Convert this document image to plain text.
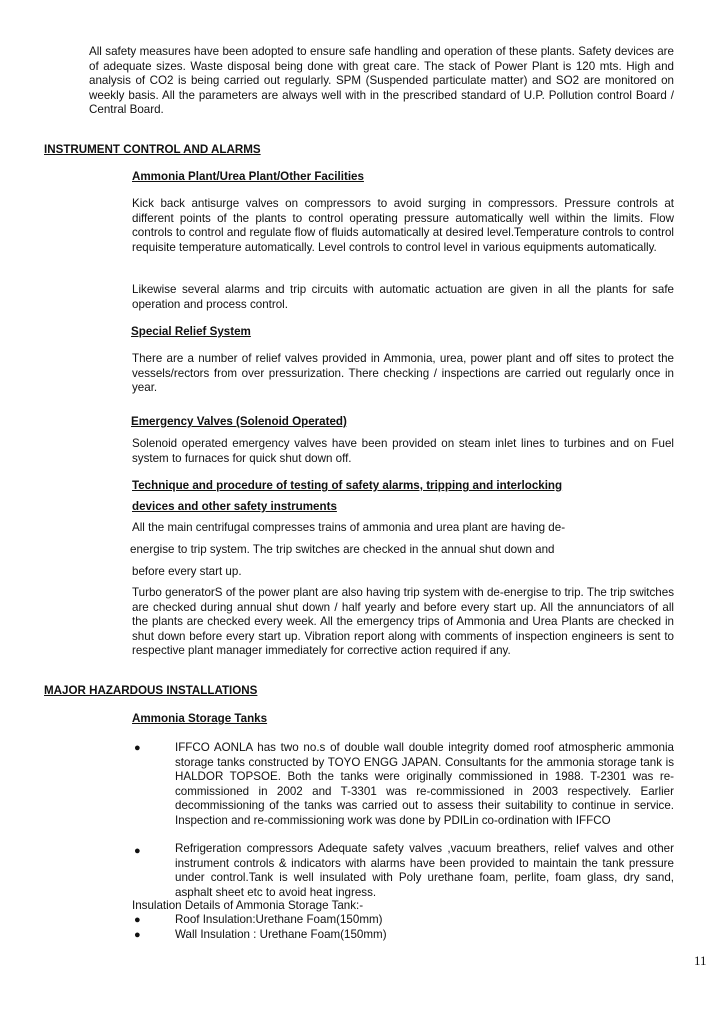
All safety measures have been adopted to ensure safe handling and operation of these plants. Safety devices are of adequate sizes. Waste disposal being done with great care. The stack of Power Plant is 120 mts. High and analysis of CO2 is being carried out regularly. SPM (Suspended particulate matter) and SO2 are monitored on weekly basis. All the parameters are always well with in the prescribed standard of U.P. Pollution control Board / Central Board.

INSTRUMENT CONTROL AND ALARMS
Ammonia Plant/Urea Plant/Other Facilities

Kick back antisurge valves on compressors to avoid surging in compressors. Pressure controls at different points of the plants to control operating pressure automatically well within the limits. Flow controls to control and regulate flow of fluids automatically at desired level.Temperature controls to control requisite temperature automatically. Level controls to control level in various equipments automatically.

Likewise several alarms and trip circuits with automatic actuation are given in all the plants for safe operation and process control.

Special Relief System

There are a number of relief valves provided in Ammonia, urea, power plant and off sites to protect the vessels/rectors from over pressurization. There checking / inspections are carried out regularly once in year.

Emergency Valves (Solenoid Operated)

Solenoid operated emergency valves have been provided on steam inlet lines to turbines and on Fuel system to furnaces for quick shut down off.

Technique and procedure of testing of safety alarms, tripping and interlocking
devices and other safety instruments
All the main centrifugal compresses trains of ammonia and urea plant are having de-
energise to trip system. The trip switches are checked in the annual shut down and
before every start up.

Turbo generatorS of the power plant are also having trip system with de-energise to trip. The trip switches are checked during annual shut down / half yearly and before every start up. All the annunciators of all the plants are checked every week. All the emergency trips of Ammonia and Urea Plants are checked in shut down before every start up. Vibration report along with comments of inspection engineers is sent to respective plant manager immediately for corrective action required if any.

MAJOR HAZARDOUS INSTALLATIONS
Ammonia Storage Tanks
●	IFFCO AONLA has two no.s of double wall double integrity domed roof atmospheric ammonia storage tanks constructed by TOYO ENGG JAPAN. Consultants for the ammonia storage tank is HALDOR TOPSOE. Both the tanks were originally commissioned in 1988. T-2301 was re-commissioned in 2002 and T-3301 was re-commissioned in 2003 respectively. Earlier decommissioning of the tanks was carried out to assess their suitability to continue in service. Inspection and re-commissioning work was done by PDILin co-ordination with IFFCO

●	Refrigeration compressors Adequate safety valves ,vacuum breathers, relief valves and other instrument controls & indicators with alarms have been provided to maintain the tank pressure under control.Tank is well insulated with Poly urethane foam, perlite, foam glass, dry sand, asphalt sheet etc to avoid heat ingress.

Insulation Details of Ammonia Storage Tank:-
●	Roof Insulation:Urethane Foam(150mm)
●	Wall Insulation : Urethane Foam(150mm)
11
